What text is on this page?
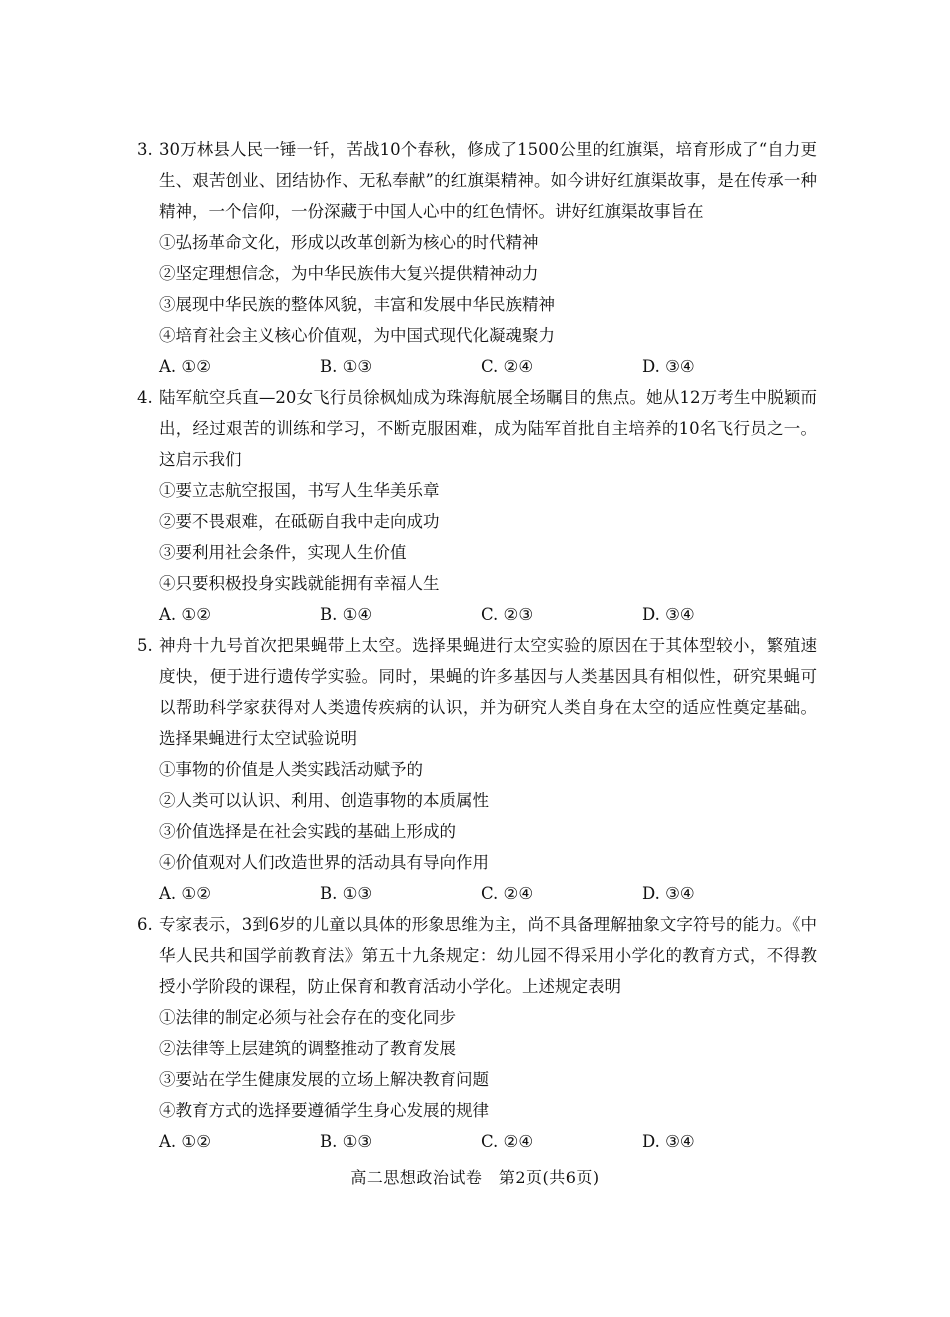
3. 30万林县人民一锤一钎，苦战10个春秋，修成了1500公里的红旗渠，培育形成了“自力更生、艰苦创业、团结协作、无私奉献”的红旗渠精神。如今讲好红旗渠故事，是在传承一种精神，一个信仰，一份深藏于中国人心中的红色情怀。讲好红旗渠故事旨在
①弘扬革命文化，形成以改革创新为核心的时代精神
②坚定理想信念，为中华民族伟大复兴提供精神动力
③展现中华民族的整体风貌，丰富和发展中华民族精神
④培育社会主义核心价值观，为中国式现代化凝魂聚力
A. ①②	B. ①③	C. ②④	D. ③④
4. 陆军航空兵直—20女飞行员徐枫灿成为珠海航展全场瞩目的焦点。她从12万考生中脱颖而出，经过艰苦的训练和学习，不断克服困难，成为陆军首批自主培养的10名飞行员之一。这启示我们
①要立志航空报国，书写人生华美乐章
②要不畏艰难，在砥砺自我中走向成功
③要利用社会条件，实现人生价值
④只要积极投身实践就能拥有幸福人生
A. ①②	B. ①④	C. ②③	D. ③④
5. 神舟十九号首次把果蝇带上太空。选择果蝇进行太空实验的原因在于其体型较小，繁殖速度快，便于进行遗传学实验。同时，果蝇的许多基因与人类基因具有相似性，研究果蝇可以帮助科学家获得对人类遗传疾病的认识，并为研究人类自身在太空的适应性奠定基础。选择果蝇进行太空试验说明
①事物的价值是人类实践活动赋予的
②人类可以认识、利用、创造事物的本质属性
③价值选择是在社会实践的基础上形成的
④价值观对人们改造世界的活动具有导向作用
A. ①②	B. ①③	C. ②④	D. ③④
6. 专家表示，3到6岁的儿童以具体的形象思维为主，尚不具备理解抽象文字符号的能力。《中华人民共和国学前教育法》第五十九条规定：幼儿园不得采用小学化的教育方式，不得教授小学阶段的课程，防止保育和教育活动小学化。上述规定表明
①法律的制定必须与社会存在的变化同步
②法律等上层建筑的调整推动了教育发展
③要站在学生健康发展的立场上解决教育问题
④教育方式的选择要遵循学生身心发展的规律
A. ①②	B. ①③	C. ②④	D. ③④
高二思想政治试卷　第2页(共6页)
